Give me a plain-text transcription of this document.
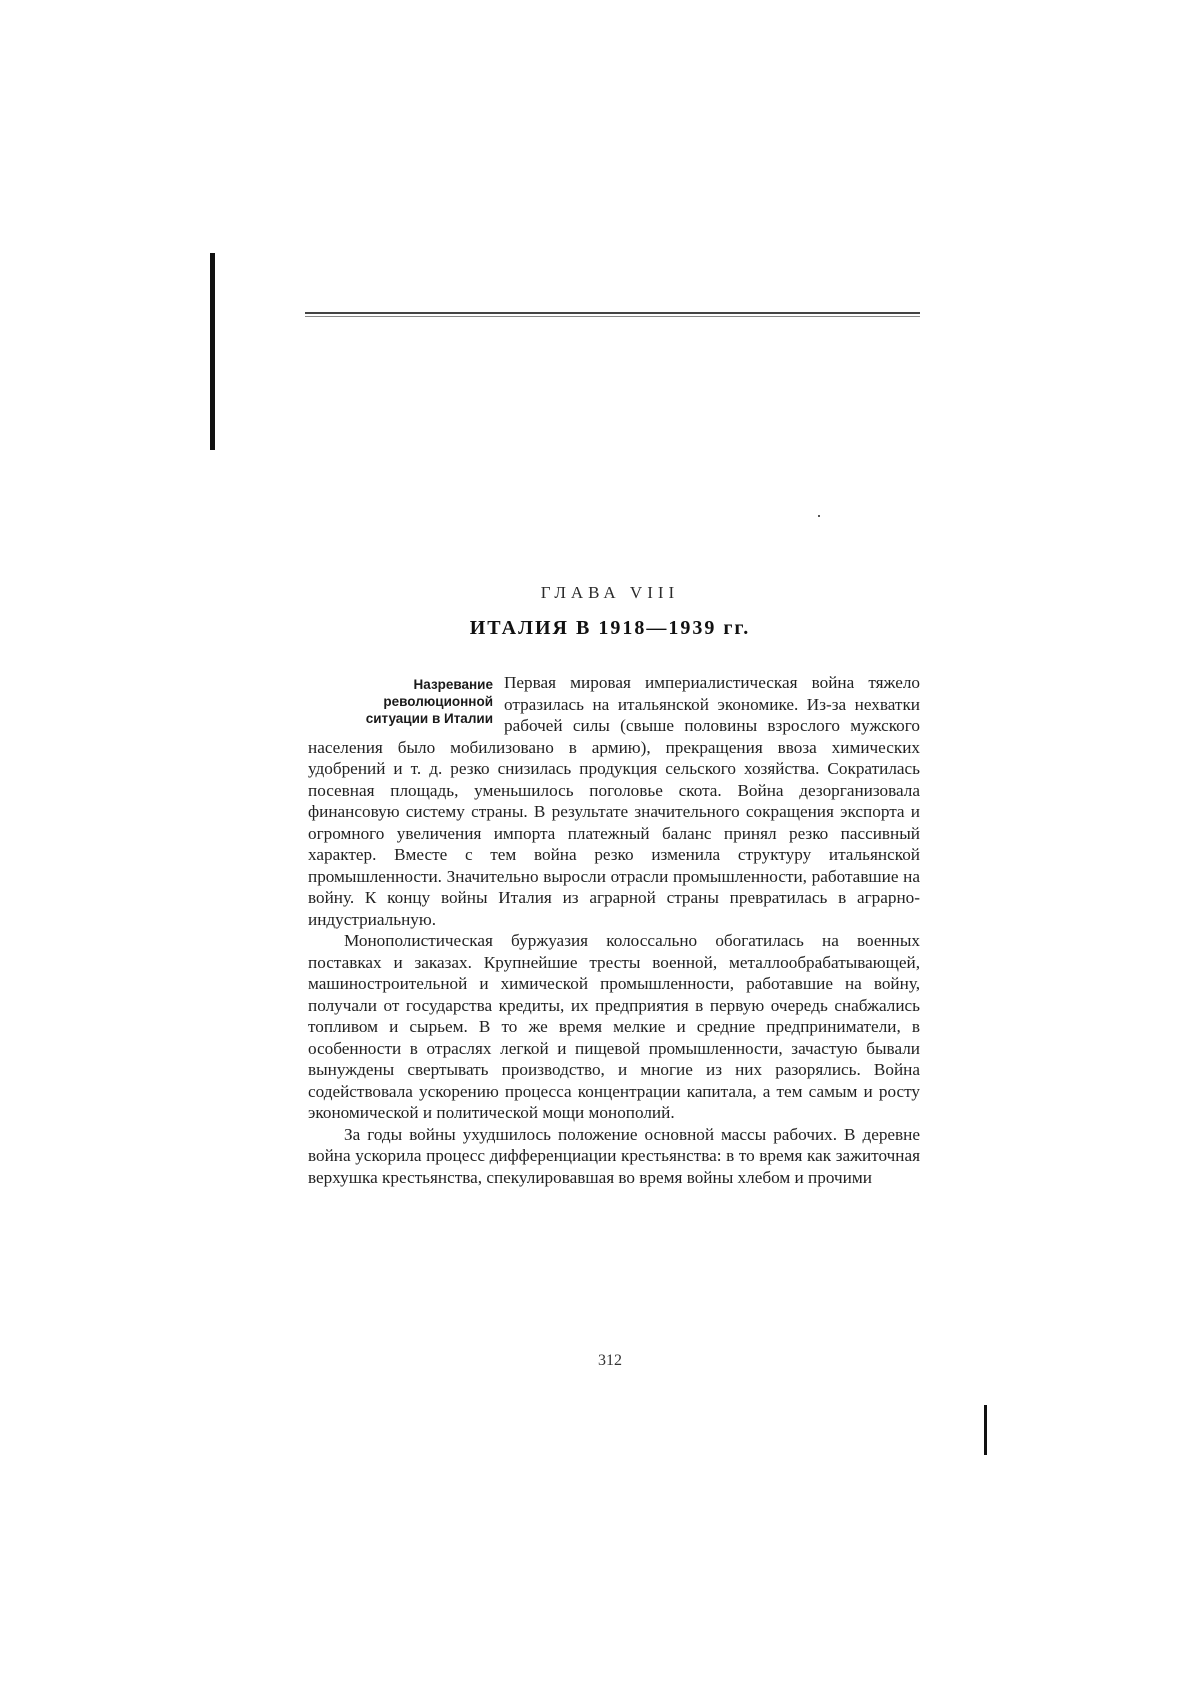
ГЛАВА VIII
ИТАЛИЯ В 1918—1939 гг.
Назревание
революционной
ситуации в Италии

Первая мировая империалистическая война тяжело отразилась на итальянской экономике. Из-за нехватки рабочей силы (свыше половины взрослого мужского населения было мобилизовано в армию), прекращения ввоза химических удобрений и т. д. резко снизилась продукция сельского хозяйства. Сократилась посевная площадь, уменьшилось поголовье скота. Война дезорганизовала финансовую систему страны. В результате значительного сокращения экспорта и огромного увеличения импорта платежный баланс принял резко пассивный характер. Вместе с тем война резко изменила структуру итальянской промышленности. Значительно выросли отрасли промышленности, работавшие на войну. К концу войны Италия из аграрной страны превратилась в аграрно-индустриальную.

Монополистическая буржуазия колоссально обогатилась на военных поставках и заказах. Крупнейшие тресты военной, металлообрабатывающей, машиностроительной и химической промышленности, работавшие на войну, получали от государства кредиты, их предприятия в первую очередь снабжались топливом и сырьем. В то же время мелкие и средние предприниматели, в особенности в отраслях легкой и пищевой промышленности, зачастую бывали вынуждены свертывать производство, и многие из них разорялись. Война содействовала ускорению процесса концентрации капитала, а тем самым и росту экономической и политической мощи монополий.

За годы войны ухудшилось положение основной массы рабочих. В деревне война ускорила процесс дифференциации крестьянства: в то время как зажиточная верхушка крестьянства, спекулировавшая во время войны хлебом и прочими

312
